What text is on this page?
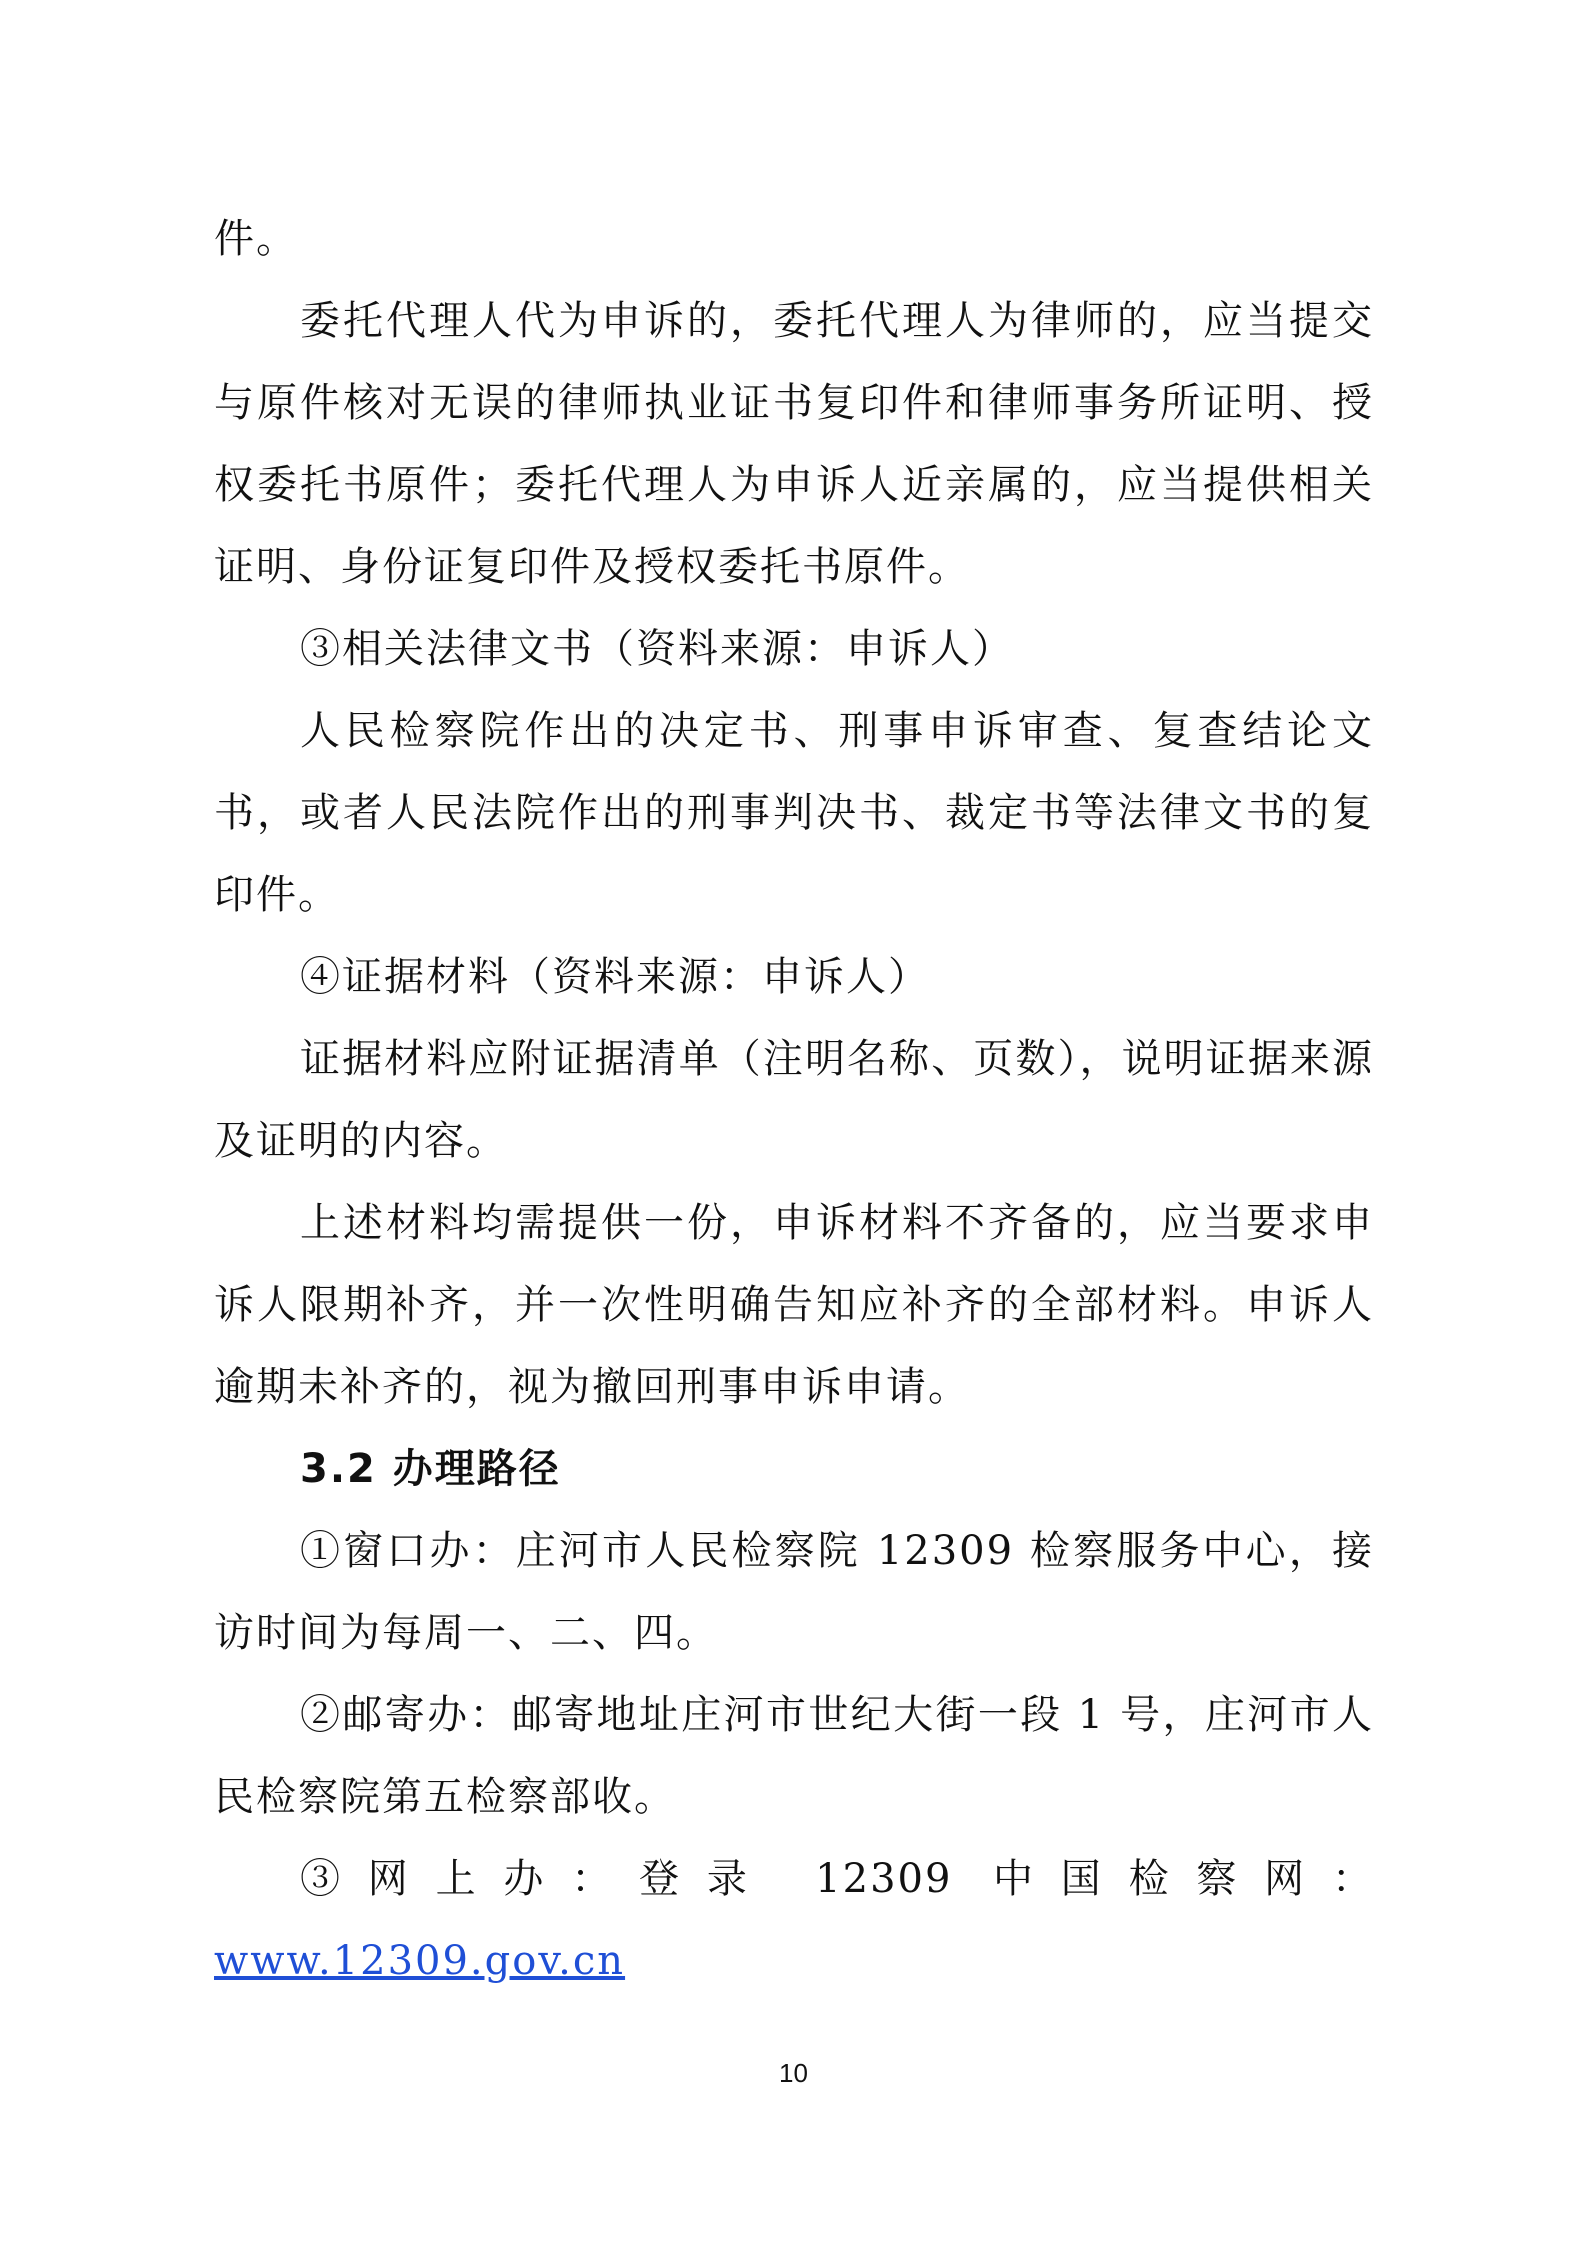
件。

委托代理人代为申诉的，委托代理人为律师的，应当提交与原件核对无误的律师执业证书复印件和律师事务所证明、授权委托书原件；委托代理人为申诉人近亲属的，应当提供相关证明、身份证复印件及授权委托书原件。

③相关法律文书（资料来源：申诉人）

人民检察院作出的决定书、刑事申诉审查、复查结论文书，或者人民法院作出的刑事判决书、裁定书等法律文书的复印件。

④证据材料（资料来源：申诉人）

证据材料应附证据清单（注明名称、页数），说明证据来源及证明的内容。

上述材料均需提供一份，申诉材料不齐备的，应当要求申诉人限期补齐，并一次性明确告知应补齐的全部材料。申诉人逾期未补齐的，视为撤回刑事申诉申请。

3.2 办理路径

①窗口办：庄河市人民检察院 12309 检察服务中心，接访时间为每周一、二、四。

②邮寄办：邮寄地址庄河市世纪大街一段 1 号，庄河市人民检察院第五检察部收。

③网上办：登录 12309 中国检察网：www.12309.gov.cn

10
